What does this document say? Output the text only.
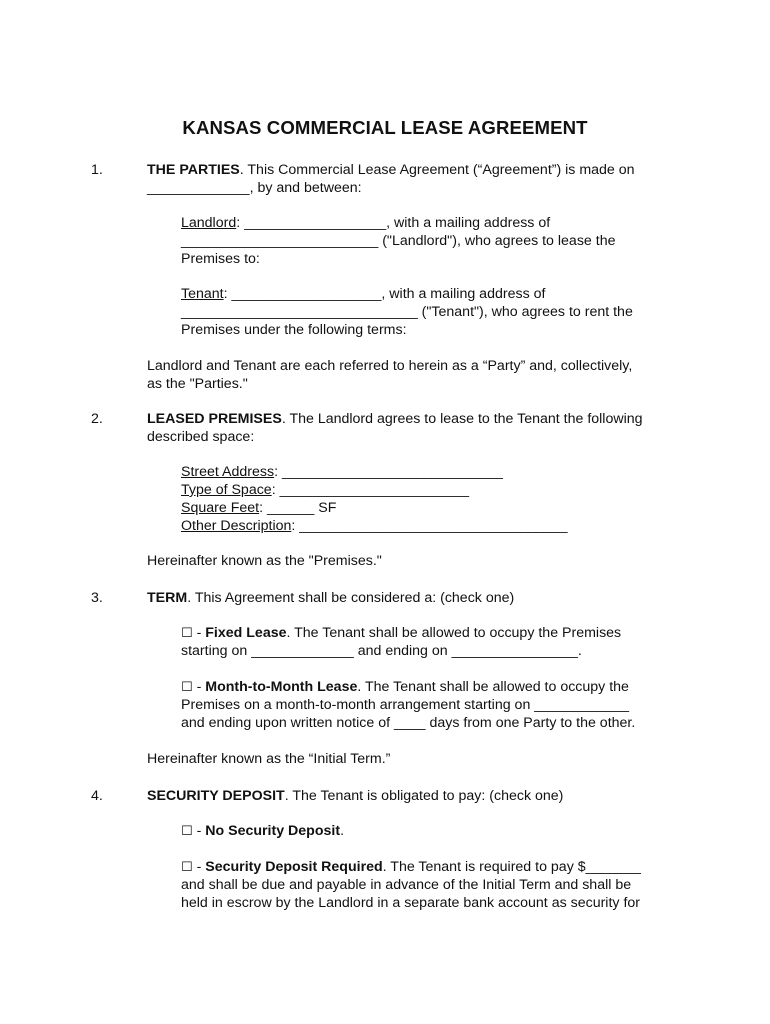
KANSAS COMMERCIAL LEASE AGREEMENT
1.	THE PARTIES. This Commercial Lease Agreement (“Agreement”) is made on
_____________, by and between:
Landlord: __________________, with a mailing address of
_________________________ ("Landlord"), who agrees to lease the
Premises to:
Tenant: ___________________, with a mailing address of
______________________________ ("Tenant"), who agrees to rent the
Premises under the following terms:
Landlord and Tenant are each referred to herein as a “Party” and, collectively,
as the "Parties."
2.	LEASED PREMISES. The Landlord agrees to lease to the Tenant the following
described space:
Street Address: ____________________________
Type of Space: ________________________
Square Feet: ______ SF
Other Description: __________________________________
Hereinafter known as the "Premises."
3.	TERM. This Agreement shall be considered a: (check one)
☐ - Fixed Lease. The Tenant shall be allowed to occupy the Premises
starting on _____________ and ending on ________________.
☐ - Month-to-Month Lease. The Tenant shall be allowed to occupy the
Premises on a month-to-month arrangement starting on ____________
and ending upon written notice of ____ days from one Party to the other.
Hereinafter known as the “Initial Term.”
4.	SECURITY DEPOSIT. The Tenant is obligated to pay: (check one)
☐ - No Security Deposit.
☐ - Security Deposit Required. The Tenant is required to pay $_______
and shall be due and payable in advance of the Initial Term and shall be
held in escrow by the Landlord in a separate bank account as security for
